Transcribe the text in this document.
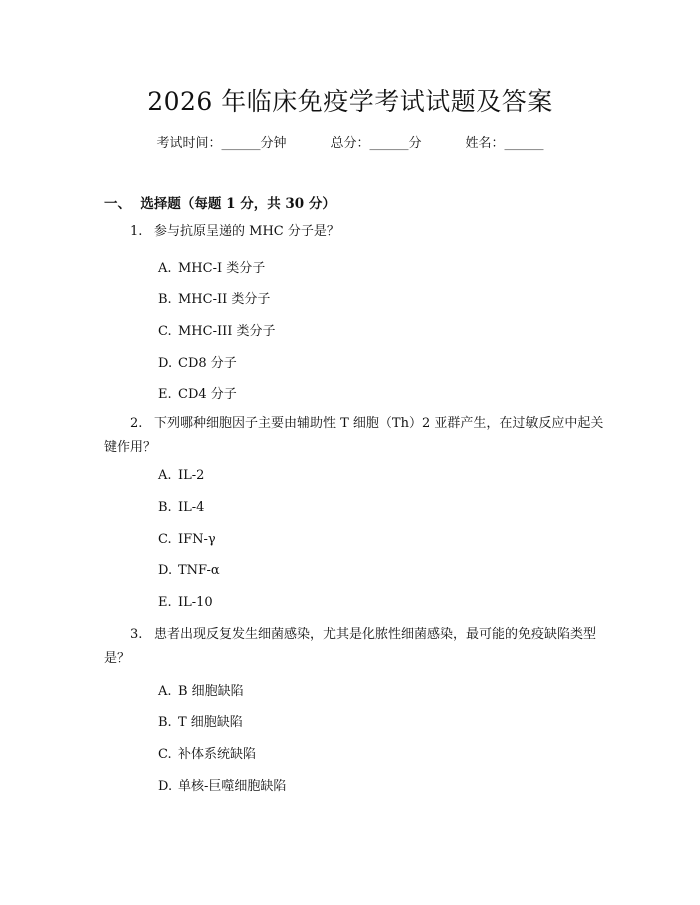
2026 年临床免疫学考试试题及答案
考试时间：______分钟	总分：______分	姓名：______
一、  选择题（每题 1 分，共 30 分）
1. 参与抗原呈递的 MHC 分子是？
A. MHC-I 类分子
B. MHC-II 类分子
C. MHC-III 类分子
D. CD8 分子
E. CD4 分子
2. 下列哪种细胞因子主要由辅助性 T 细胞（Th）2 亚群产生，在过敏反应中起关键作用？
A. IL-2
B. IL-4
C. IFN-γ
D. TNF-α
E. IL-10
3. 患者出现反复发生细菌感染，尤其是化脓性细菌感染，最可能的免疫缺陷类型是？
A. B 细胞缺陷
B. T 细胞缺陷
C. 补体系统缺陷
D. 单核-巨噬细胞缺陷
